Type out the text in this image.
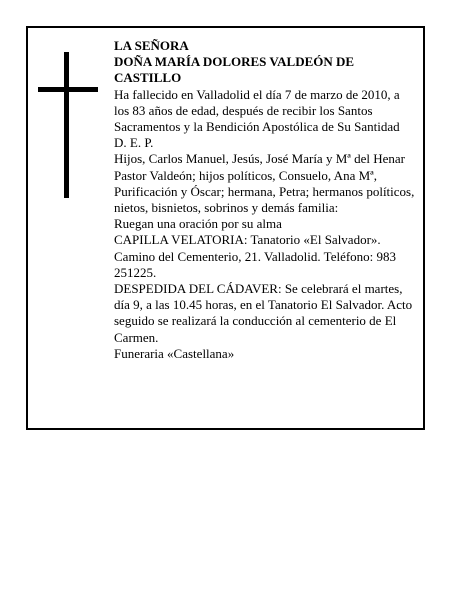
LA SEÑORA

DOÑA MARÍA DOLORES VALDEÓN DE CASTILLO

Ha fallecido en Valladolid el día 7 de marzo de 2010, a los 83 años de edad, después de recibir los Santos Sacramentos y la Bendición Apostólica de Su Santidad

D. E. P.

Hijos, Carlos Manuel, Jesús, José María y Mª del Henar Pastor Valdeón; hijos políticos, Consuelo, Ana Mª, Purificación y Óscar; hermana, Petra; hermanos políticos, nietos, bisnietos, sobrinos y demás familia:

Ruegan una oración por su alma

CAPILLA VELATORIA: Tanatorio «El Salvador». Camino del Cementerio, 21. Valladolid. Teléfono: 983 251225.

DESPEDIDA DEL CÁDAVER: Se celebrará el martes, día 9, a las 10.45 horas, en el Tanatorio El Salvador. Acto seguido se realizará la conducción al cementerio de El Carmen.

Funeraria «Castellana»
